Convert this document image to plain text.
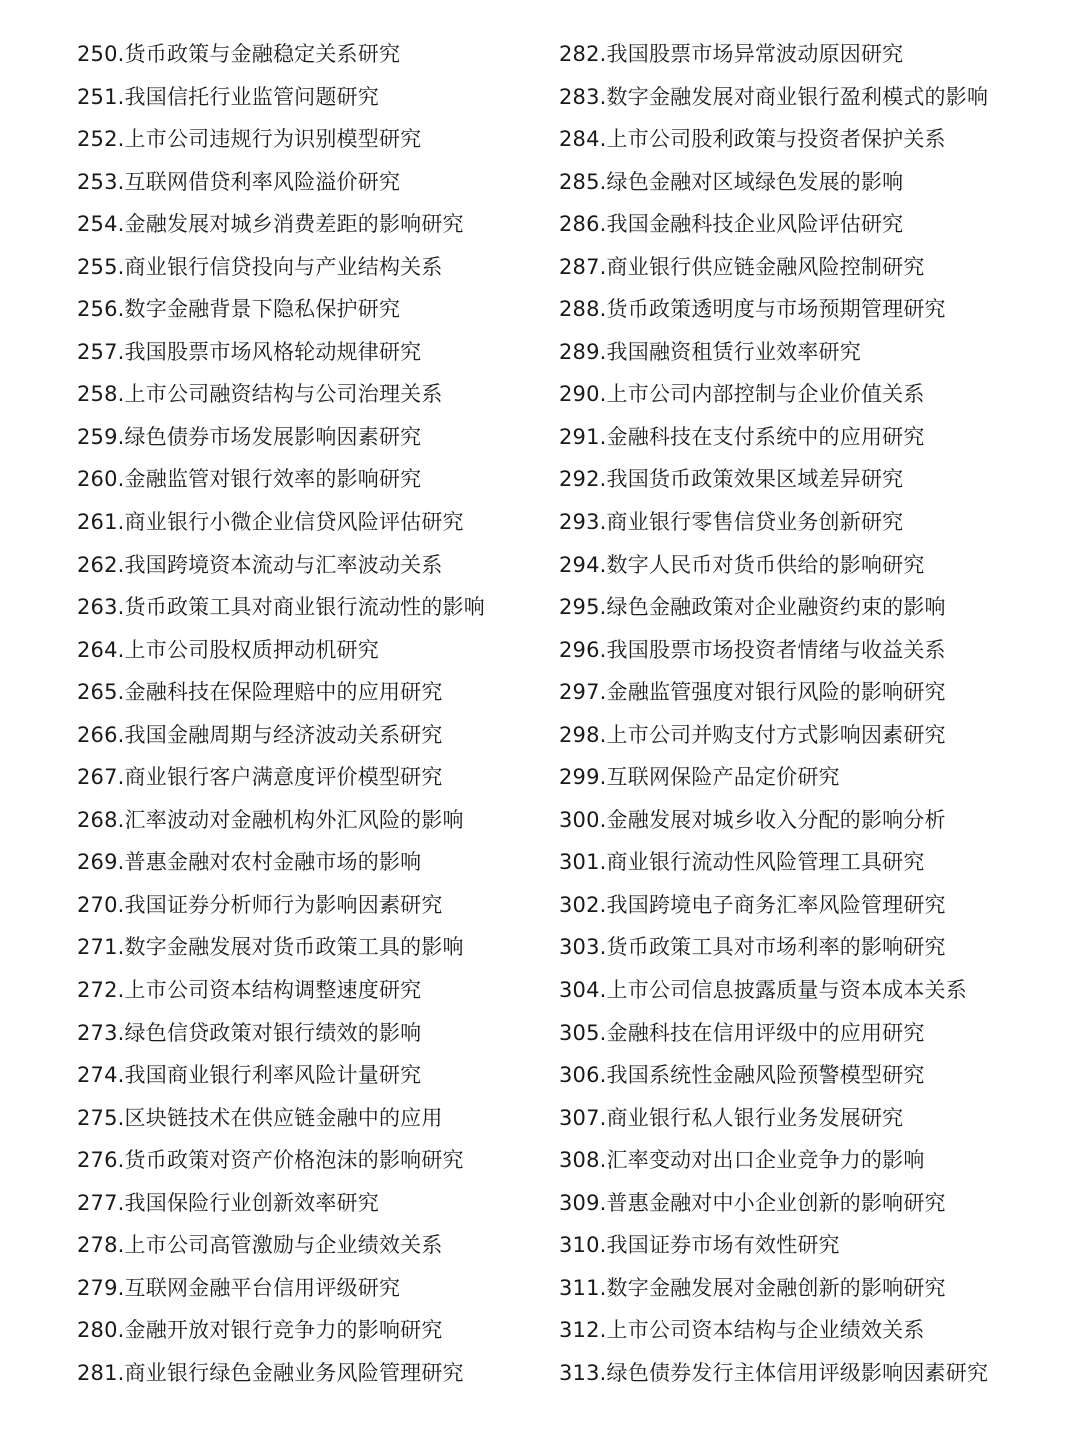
250.货币政策与金融稳定关系研究
251.我国信托行业监管问题研究
252.上市公司违规行为识别模型研究
253.互联网借贷利率风险溢价研究
254.金融发展对城乡消费差距的影响研究
255.商业银行信贷投向与产业结构关系
256.数字金融背景下隐私保护研究
257.我国股票市场风格轮动规律研究
258.上市公司融资结构与公司治理关系
259.绿色债券市场发展影响因素研究
260.金融监管对银行效率的影响研究
261.商业银行小微企业信贷风险评估研究
262.我国跨境资本流动与汇率波动关系
263.货币政策工具对商业银行流动性的影响
264.上市公司股权质押动机研究
265.金融科技在保险理赔中的应用研究
266.我国金融周期与经济波动关系研究
267.商业银行客户满意度评价模型研究
268.汇率波动对金融机构外汇风险的影响
269.普惠金融对农村金融市场的影响
270.我国证券分析师行为影响因素研究
271.数字金融发展对货币政策工具的影响
272.上市公司资本结构调整速度研究
273.绿色信贷政策对银行绩效的影响
274.我国商业银行利率风险计量研究
275.区块链技术在供应链金融中的应用
276.货币政策对资产价格泡沫的影响研究
277.我国保险行业创新效率研究
278.上市公司高管激励与企业绩效关系
279.互联网金融平台信用评级研究
280.金融开放对银行竞争力的影响研究
281.商业银行绿色金融业务风险管理研究
282.我国股票市场异常波动原因研究
283.数字金融发展对商业银行盈利模式的影响
284.上市公司股利政策与投资者保护关系
285.绿色金融对区域绿色发展的影响
286.我国金融科技企业风险评估研究
287.商业银行供应链金融风险控制研究
288.货币政策透明度与市场预期管理研究
289.我国融资租赁行业效率研究
290.上市公司内部控制与企业价值关系
291.金融科技在支付系统中的应用研究
292.我国货币政策效果区域差异研究
293.商业银行零售信贷业务创新研究
294.数字人民币对货币供给的影响研究
295.绿色金融政策对企业融资约束的影响
296.我国股票市场投资者情绪与收益关系
297.金融监管强度对银行风险的影响研究
298.上市公司并购支付方式影响因素研究
299.互联网保险产品定价研究
300.金融发展对城乡收入分配的影响分析
301.商业银行流动性风险管理工具研究
302.我国跨境电子商务汇率风险管理研究
303.货币政策工具对市场利率的影响研究
304.上市公司信息披露质量与资本成本关系
305.金融科技在信用评级中的应用研究
306.我国系统性金融风险预警模型研究
307.商业银行私人银行业务发展研究
308.汇率变动对出口企业竞争力的影响
309.普惠金融对中小企业创新的影响研究
310.我国证券市场有效性研究
311.数字金融发展对金融创新的影响研究
312.上市公司资本结构与企业绩效关系
313.绿色债券发行主体信用评级影响因素研究
